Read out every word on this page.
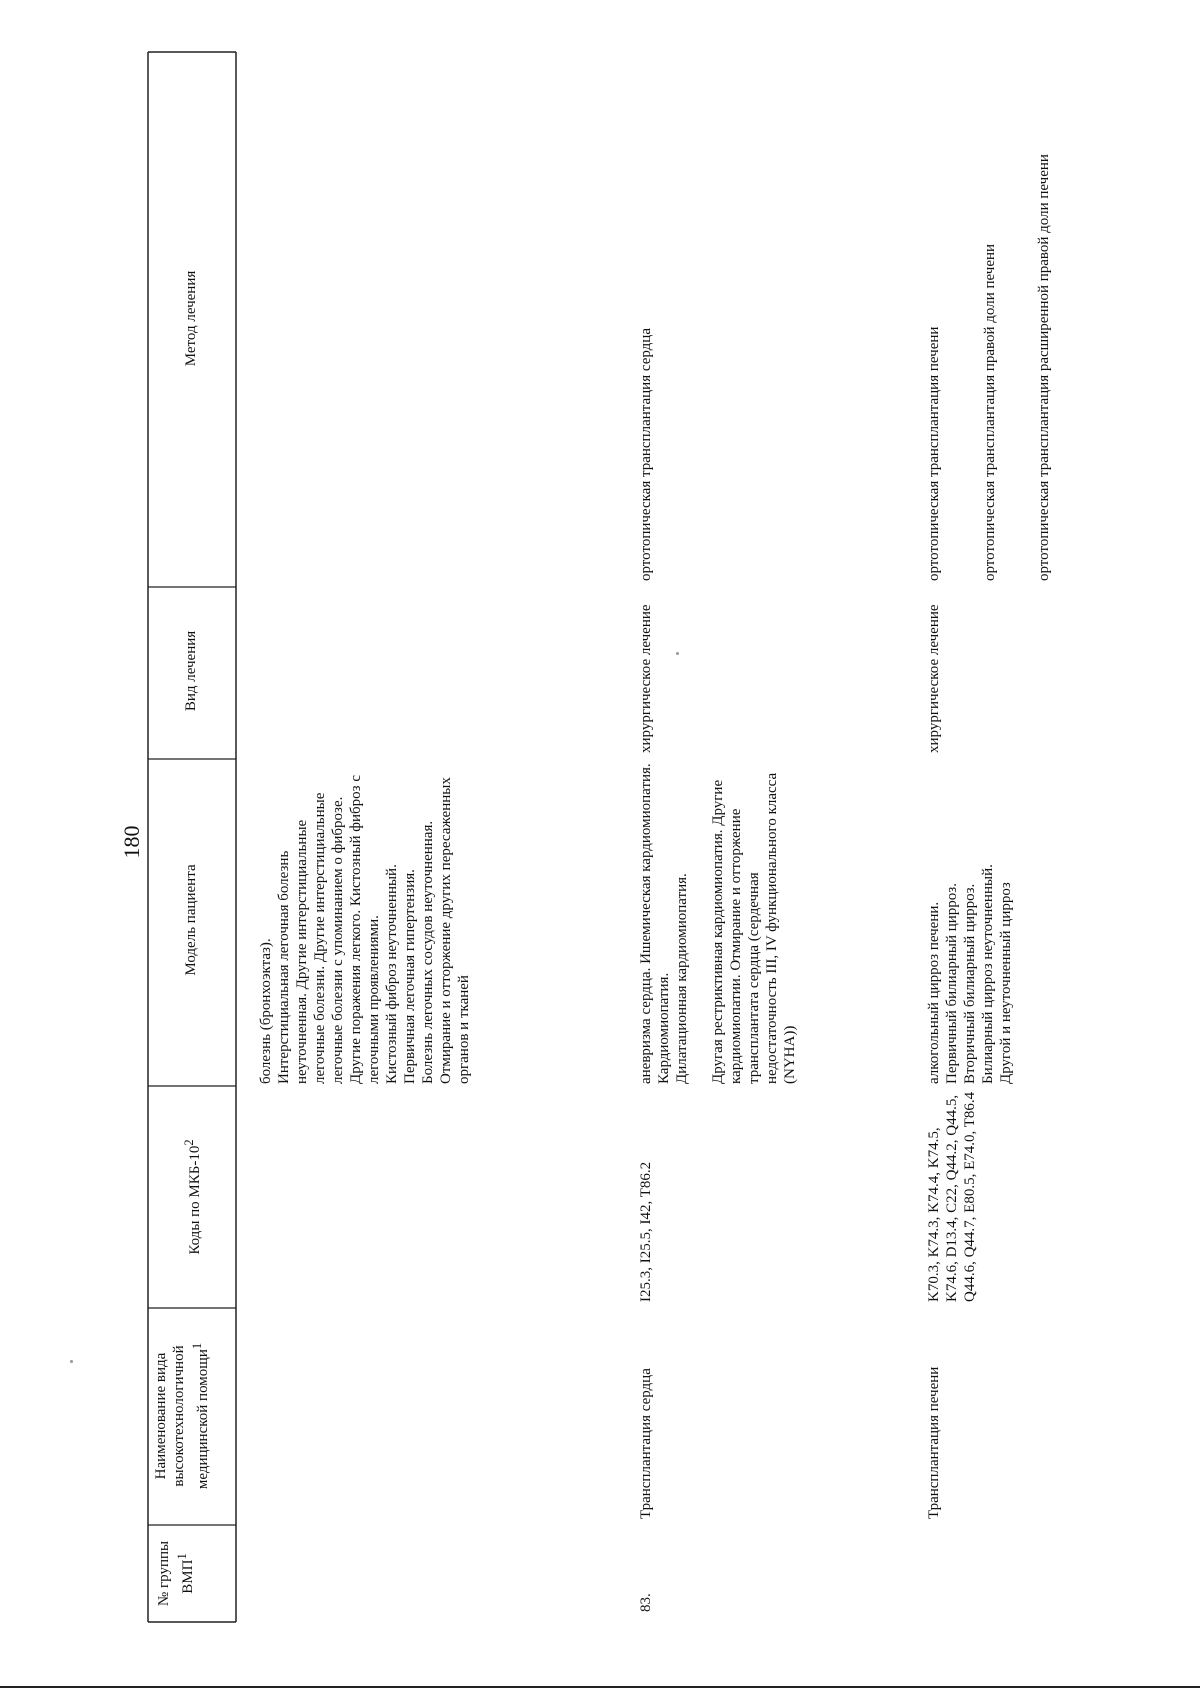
180
№ группы ВМП$^1$
Наименование вида высокотехнологичной медицинской помощи$^1$
Коды по МКБ-$10^2$
Модель пациента
Вид лечения
Метод лечения
болезнь (бронхоэктаз). Интерстициальная легочная болезнь неуточненная. Другие интерстициальные легочные болезни. Другие интерстициальные легочные болезни с упоминанием о фиброзе. Другие поражения легкого. Кистозный фиброз с легочными проявлениями. Кистозный фиброз неуточненный. Первичная легочная гипертензия. Болезнь легочных сосудов неуточненная. Отмирание и отторжение других пересаженных органов и тканей
83.
Трансплантация сердца
I25.3, I25.5, I42, T86.2
аневризма сердца. Ишемическая кардиомиопатия. Кардиомиопатия. Дилатационная кардиомиопатия. Другая рестриктивная кардиомиопатия. Другие кардиомиопатии. Отмирание и отторжение трансплантата сердца (сердечная недостаточность III, IV функционального класса (NYHA))
хирургическое лечение
ортотопическая трансплантация сердца
Трансплантация печени
K70.3, K74.3, K74.4, K74.5, K74.6, D13.4, C22, Q44.2, Q44.5, Q44.6, Q44.7, E80.5, E74.0, T86.4
алкогольный цирроз печени. Первичный билиарный цирроз. Вторичный билиарный цирроз. Билиарный цирроз неуточненный. Другой и неуточненный цирроз
хирургическое лечение
ортотопическая трансплантация печени	ортотопическая трансплантация правой доли печени	ортотопическая трансплантация расширенной правой доли печени
